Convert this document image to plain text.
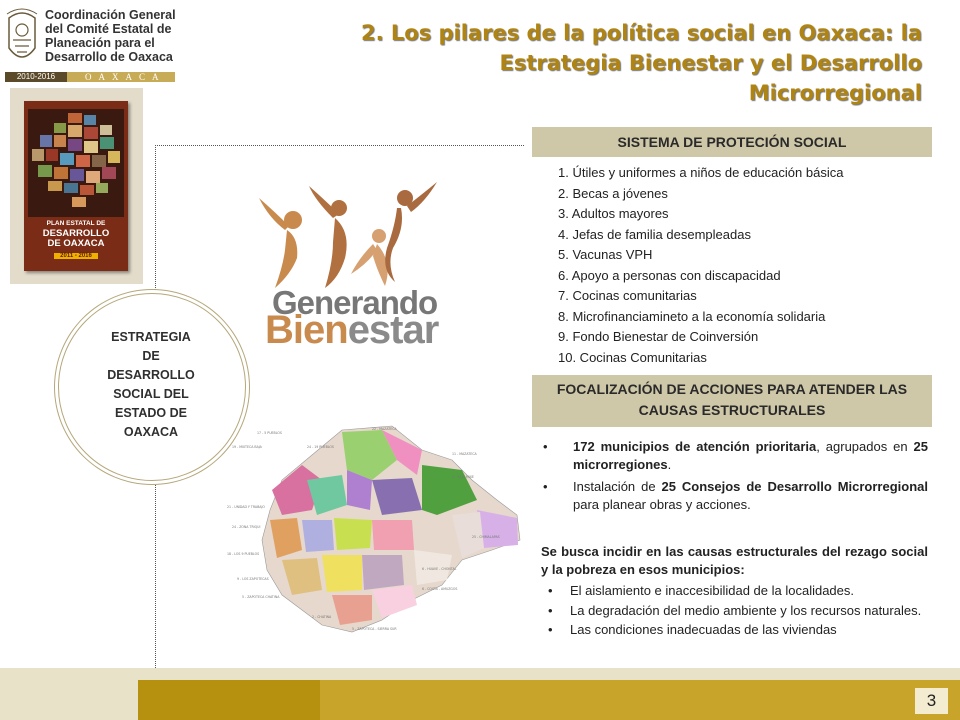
Coordinación General
del Comité Estatal de
Planeación para el
Desarrollo de Oaxaca
2010-2016	OAXACA
2. Los pilares de la política social en Oaxaca: la
Estrategia Bienestar y el Desarrollo
Microrregional
PLAN ESTATAL DE
DESARROLLO
DE OAXACA
2011 - 2016
ESTRATEGIA
DE
DESARROLLO
SOCIAL DEL
ESTADO DE
OAXACA
Generando
Bienestar
17 - 5 PUEBLOS
24 - 19 PUEBLOS
22 - MAZATECA
11 - MAZATECA
19 - MIXTECA BAJA
9 - BAJO MIXE
25 - CHIMALAPAS
21 - UNIDAD Y TRABAJO
24 - ZONA TRIQUI
18 - LOS 9 PUEBLOS
9 - LOS ZAPOTECAS
5 - ZAPOTECA CHATINA
2 - CHATINA
5 - ZAPOTECA - SIERRA SUR
6 - HUAVE - CHONTAL
6 - COSTA - AMUZGOS
SISTEMA DE PROTECIÓN SOCIAL
1. Útiles y uniformes a niños de educación básica
2. Becas a jóvenes
3. Adultos mayores
4. Jefas de familia desempleadas
5. Vacunas VPH
6. Apoyo a personas con discapacidad
7. Cocinas comunitarias
8. Microfinanciamineto a la economía solidaria
9. Fondo Bienestar de Coinversión
10. Cocinas Comunitarias
FOCALIZACIÓN DE ACCIONES PARA ATENDER LAS
CAUSAS ESTRUCTURALES
• 172 municipios de atención prioritaria, agrupados en 25 microrregiones.
• Instalación de 25 Consejos de Desarrollo Microrregional para planear obras y acciones.
Se busca incidir en las causas estructurales del rezago social y la pobreza en esos municipios:
• El aislamiento e inaccesibilidad de la localidades.
• La degradación del medio ambiente y los recursos naturales.
• Las condiciones inadecuadas de las viviendas
3
